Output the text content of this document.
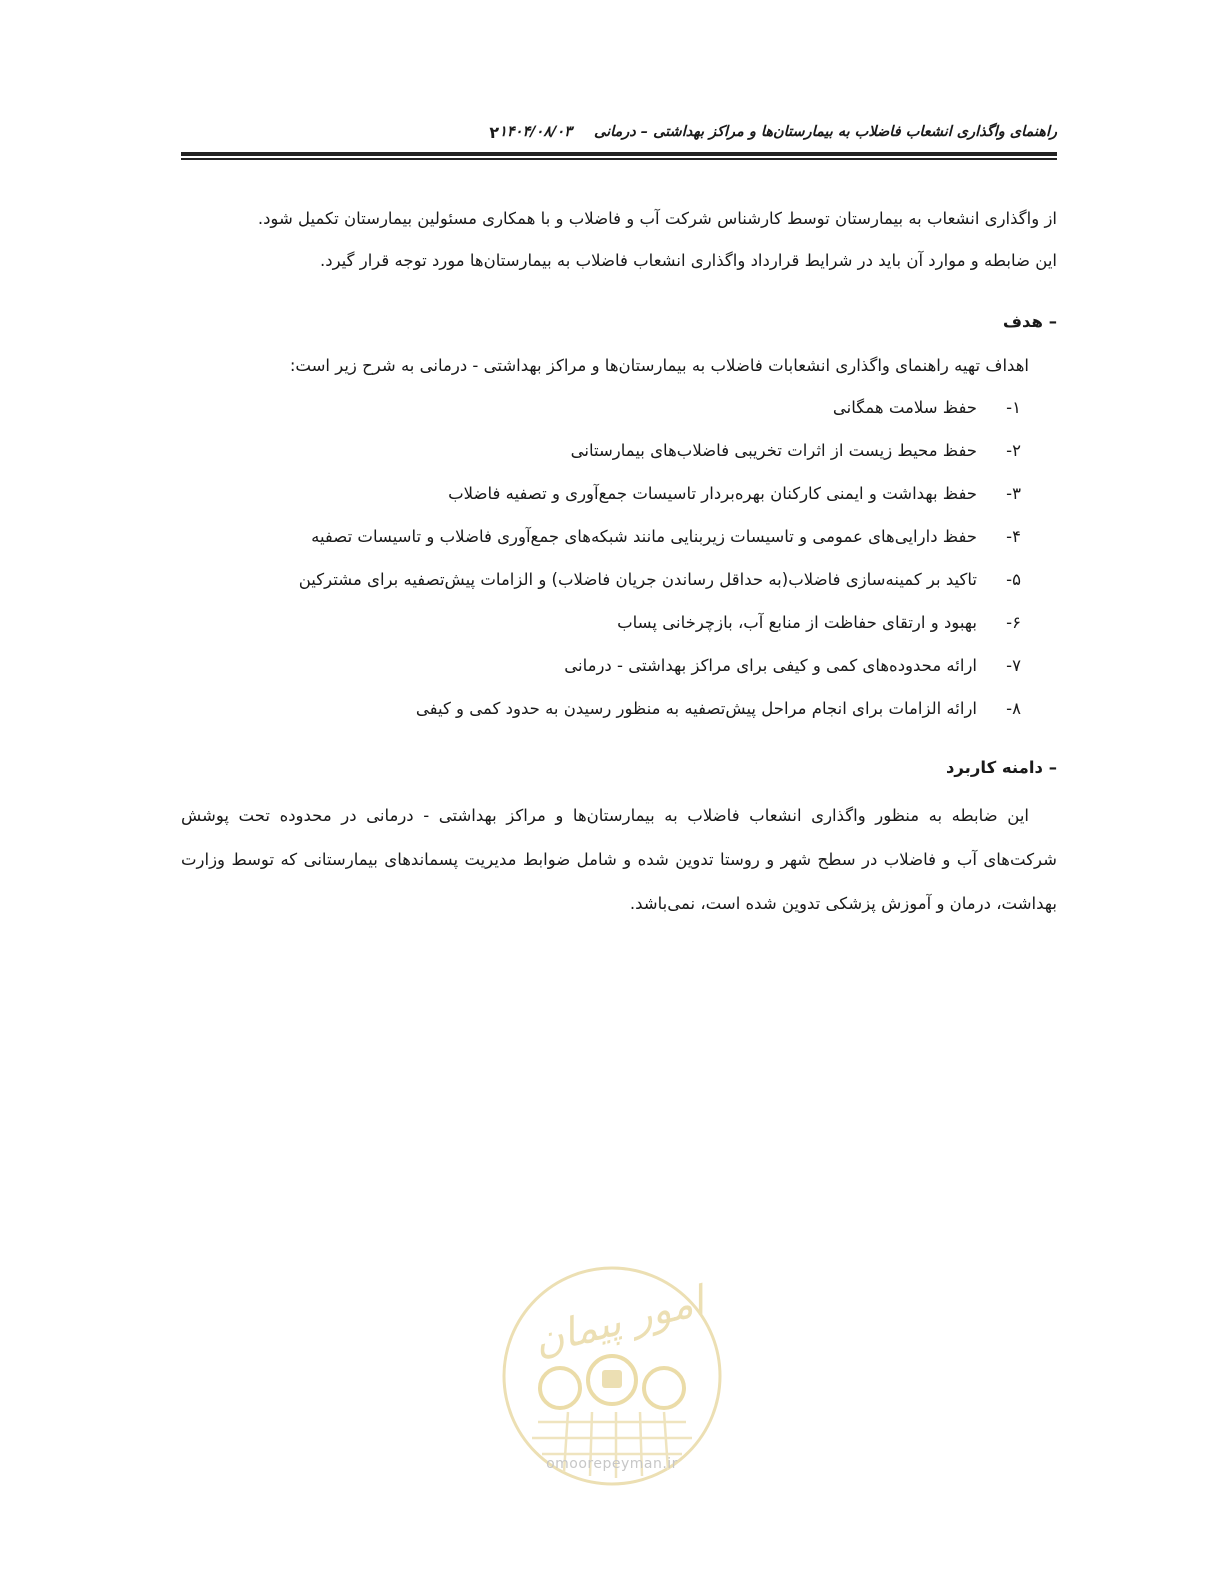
راهنمای واگذاری انشعاب فاضلاب به بیمارستان‌ها و مراکز بهداشتی – درمانی
۱۴۰۴/۰۸/۰۳
۲

از واگذاری انشعاب به بیمارستان توسط کارشناس شرکت آب و فاضلاب و با همکاری مسئولین بیمارستان تکمیل شود.

این ضابطه و موارد آن باید در شرایط قرارداد واگذاری انشعاب فاضلاب به بیمارستان‌ها مورد توجه قرار گیرد.

– هدف

اهداف تهیه راهنمای واگذاری انشعابات فاضلاب به بیمارستان‌ها و مراکز بهداشتی - درمانی به شرح زیر است:

۱-
حفظ سلامت همگانی
۲-
حفظ محیط زیست از اثرات تخریبی فاضلاب‌های بیمارستانی
۳-
حفظ بهداشت و ایمنی کارکنان بهره‌بردار تاسیسات جمع‌آوری و تصفیه فاضلاب
۴-
حفظ دارایی‌های عمومی و تاسیسات زیربنایی مانند شبکه‌های جمع‌آوری فاضلاب و تاسیسات تصفیه
۵-
تاکید بر کمینه‌سازی فاضلاب(به حداقل رساندن جریان فاضلاب) و الزامات پیش‌تصفیه برای مشترکین
۶-
بهبود و ارتقای حفاظت از منابع آب، بازچرخانی پساب
۷-
ارائه محدوده‌های کمی و کیفی برای مراکز بهداشتی - درمانی
۸-
ارائه الزامات برای انجام مراحل پیش‌تصفیه به منظور رسیدن به حدود کمی و کیفی
– دامنه کاربرد

این ضابطه به منظور واگذاری انشعاب فاضلاب به بیمارستان‌ها و مراکز بهداشتی - درمانی در محدوده تحت پوشش شرکت‌های آب و فاضلاب در سطح شهر و روستا تدوین شده و شامل ضوابط مدیریت پسماندهای بیمارستانی که توسط وزارت بهداشت، درمان و آموزش پزشکی تدوین شده است، نمی‌باشد.

امور پیمان
omoorepeyman.ir
